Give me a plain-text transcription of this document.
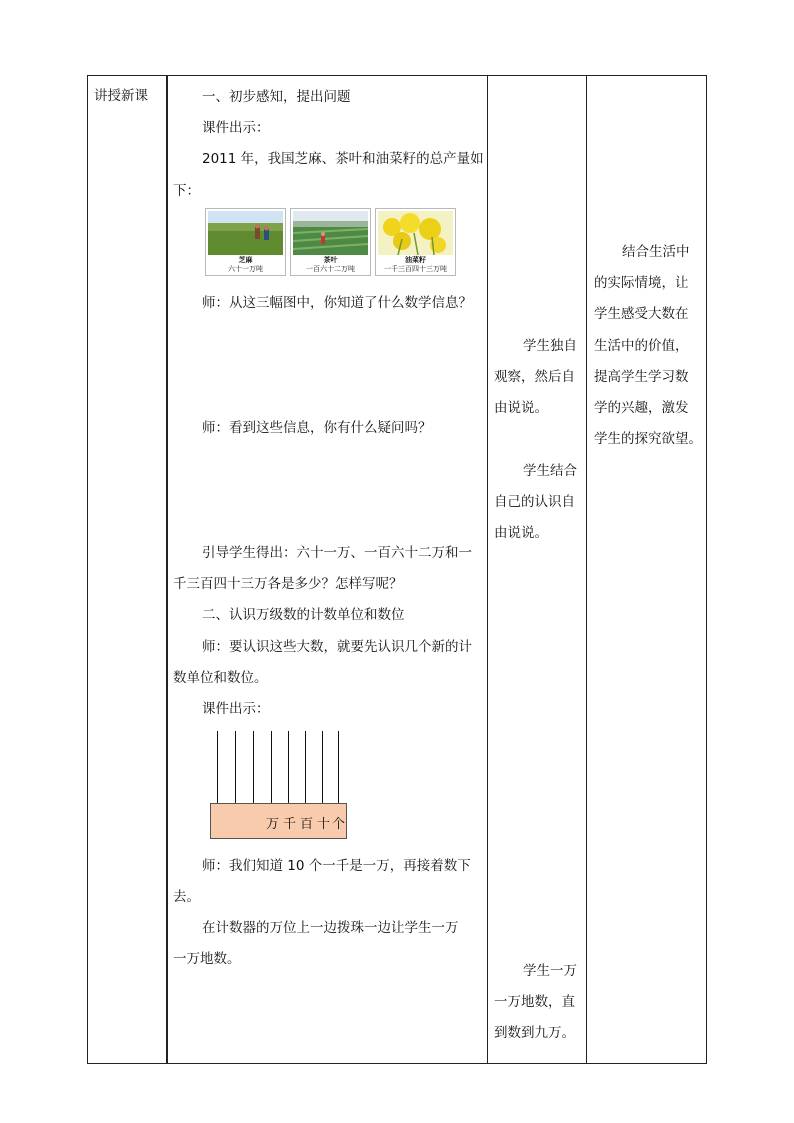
讲授新课	一、初步感知，提出问题
课件出示：
2011 年，我国芝麻、茶叶和油菜籽的总产量如
下：
芝麻
六十一万吨
茶叶
一百六十二万吨
油菜籽
一千三百四十三万吨
师：从这三幅图中，你知道了什么数学信息？
师：看到这些信息，你有什么疑问吗？
引导学生得出：六十一万、一百六十二万和一
千三百四十三万各是多少？怎样写呢？
二、认识万级数的计数单位和数位
师：要认识这些大数，就要先认识几个新的计
数单位和数位。
课件出示：
万 千 百 十 个
师：我们知道 10 个一千是一万，再接着数下
去。
在计数器的万位上一边拨珠一边让学生一万
一万地数。
学生独自
观察，然后自
由说说。
学生结合
自己的认识自
由说说。
学生一万
一万地数，直
到数到九万。
结合生活中
的实际情境，让
学生感受大数在
生活中的价值，
提高学生学习数
学的兴趣，激发
学生的探究欲望。
